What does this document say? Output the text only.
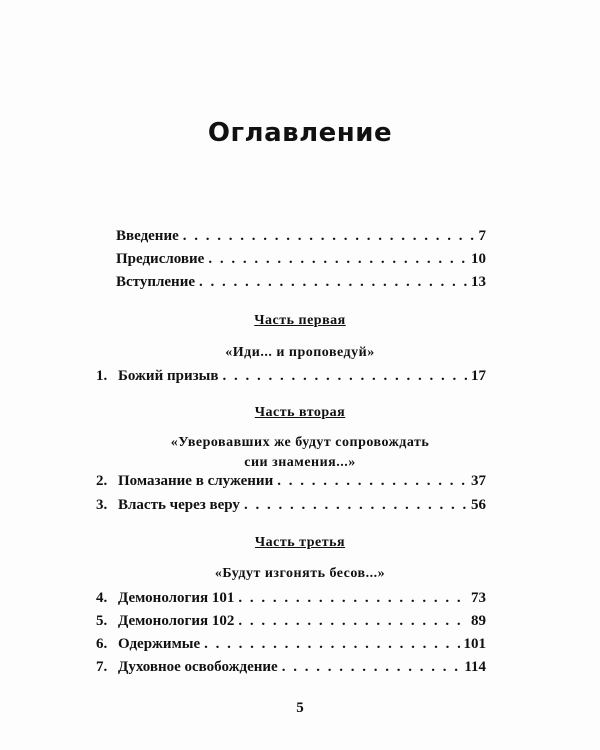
Оглавление
Введение . . .	7
Предисловие . . .	10
Вступление . . .	13
Часть первая
«Иди... и проповедуй»
1. Божий призыв . . .	17
Часть вторая
«Уверовавших же будут сопровождать
сии знамения...»
2. Помазание в служении . . .	37
3. Власть через веру . . .	56
Часть третья
«Будут изгонять бесов...»
4. Демонология 101 . . .	73
5. Демонология 102 . . .	89
6. Одержимые . . .	101
7. Духовное освобождение . . .	114
5
